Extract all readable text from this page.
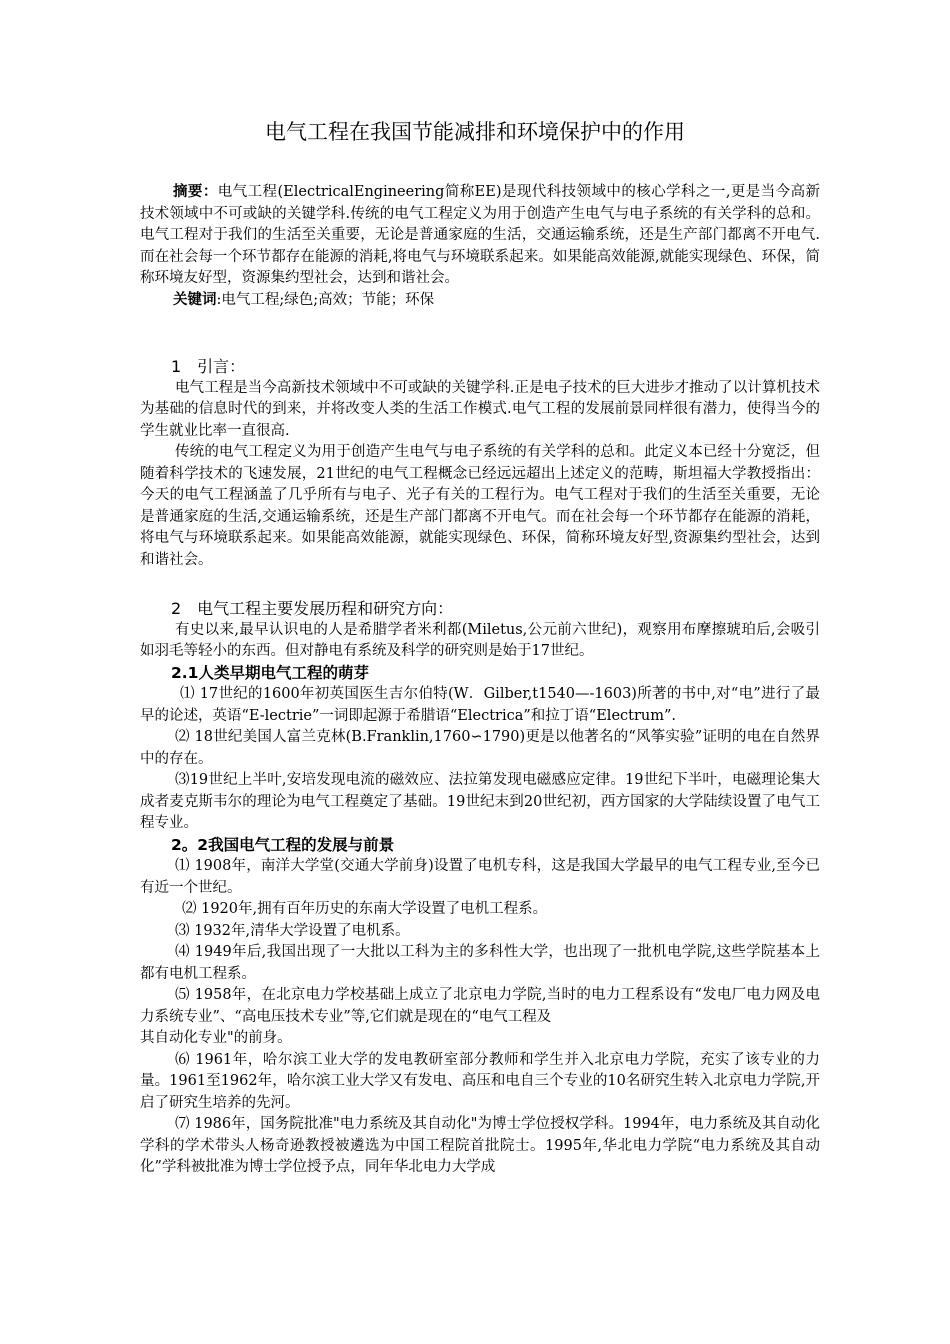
电气工程在我国节能减排和环境保护中的作用

摘要：电气工程(ElectricalEngineering简称EE)是现代科技领域中的核心学科之一,更是当今高新技术领域中不可或缺的关键学科.传统的电气工程定义为用于创造产生电气与电子系统的有关学科的总和。电气工程对于我们的生活至关重要，无论是普通家庭的生活，交通运输系统，还是生产部门都离不开电气.而在社会每一个环节都存在能源的消耗,将电气与环境联系起来。如果能高效能源,就能实现绿色、环保，简称环境友好型，资源集约型社会，达到和谐社会。

关键词:电气工程;绿色;高效；节能；环保

1　引言：

电气工程是当今高新技术领域中不可或缺的关键学科.正是电子技术的巨大进步才推动了以计算机技术为基础的信息时代的到来，并将改变人类的生活工作模式.电气工程的发展前景同样很有潜力，使得当今的学生就业比率一直很高.

传统的电气工程定义为用于创造产生电气与电子系统的有关学科的总和。此定义本已经十分宽泛，但随着科学技术的飞速发展，21世纪的电气工程概念已经远远超出上述定义的范畴，斯坦福大学教授指出：今天的电气工程涵盖了几乎所有与电子、光子有关的工程行为。电气工程对于我们的生活至关重要，无论是普通家庭的生活,交通运输系统，还是生产部门都离不开电气。而在社会每一个环节都存在能源的消耗，将电气与环境联系起来。如果能高效能源，就能实现绿色、环保，简称环境友好型,资源集约型社会，达到和谐社会。

2　电气工程主要发展历程和研究方向：

有史以来,最早认识电的人是希腊学者米利都(Miletus,公元前六世纪)，观察用布摩擦琥珀后,会吸引如羽毛等轻小的东西。但对静电有系统及科学的研究则是始于17世纪。

2.1人类早期电气工程的萌芽

⑴ 17世纪的1600年初英国医生吉尔伯特(W．Gilber,t1540—-1603)所著的书中,对“电”进行了最早的论述，英语“E-lectrie”一词即起源于希腊语“Electrica”和拉丁语“Electrum”.

⑵ 18世纪美国人富兰克林(B.Franklin,1760∽1790)更是以他著名的“风筝实验”证明的电在自然界中的存在。

⑶19世纪上半叶,安培发现电流的磁效应、法拉第发现电磁感应定律。19世纪下半叶，电磁理论集大成者麦克斯韦尔的理论为电气工程奠定了基础。19世纪末到20世纪初，西方国家的大学陆续设置了电气工程专业。

2。2我国电气工程的发展与前景

⑴ 1908年，南洋大学堂(交通大学前身)设置了电机专科，这是我国大学最早的电气工程专业,至今已有近一个世纪。

⑵ 1920年,拥有百年历史的东南大学设置了电机工程系。

⑶ 1932年,清华大学设置了电机系。

⑷ 1949年后,我国出现了一大批以工科为主的多科性大学，也出现了一批机电学院,这些学院基本上都有电机工程系。

⑸ 1958年，在北京电力学校基础上成立了北京电力学院,当时的电力工程系设有“发电厂电力网及电力系统专业”、“高电压技术专业”等,它们就是现在的“电气工程及

其自动化专业"的前身。

⑹ 1961年，哈尔滨工业大学的发电教研室部分教师和学生并入北京电力学院，充实了该专业的力量。1961至1962年，哈尔滨工业大学又有发电、高压和电自三个专业的10名研究生转入北京电力学院,开启了研究生培养的先河。

⑺ 1986年，国务院批准"电力系统及其自动化"为博士学位授权学科。1994年，电力系统及其自动化学科的学术带头人杨奇逊教授被遴选为中国工程院首批院士。1995年,华北电力学院“电力系统及其自动化”学科被批准为博士学位授予点，同年华北电力大学成
